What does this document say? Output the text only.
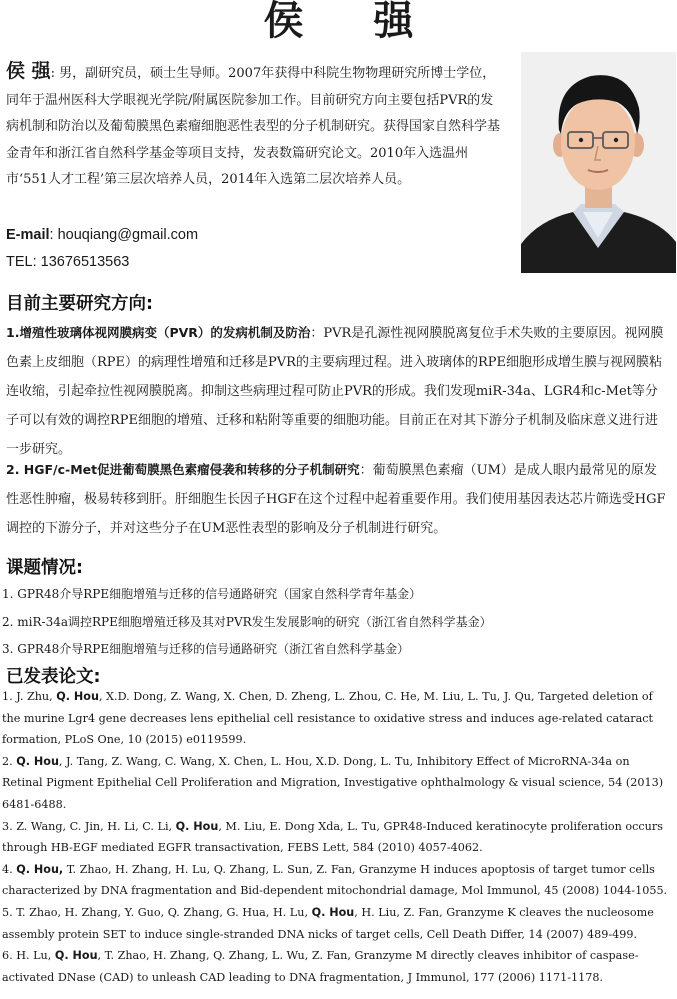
侯 强
侯 强: 男，副研究员，硕士生导师。2007年获得中科院生物物理研究所博士学位，同年于温州医科大学眼视光学院/附属医院参加工作。目前研究方向主要包括PVR的发病机制和防治以及葡萄膜黑色素瘤细胞恶性表型的分子机制研究。获得国家自然科学基金青年和浙江省自然科学基金等项目支持，发表数篇研究论文。2010年入选温州市‘551人才工程’第三层次培养人员，2014年入选第二层次培养人员。
E-mail: houqiang@gmail.com
TEL: 13676513563
目前主要研究方向:
1.增殖性玻璃体视网膜病变（PVR）的发病机制及防治：PVR是孔源性视网膜脱离复位手术失败的主要原因。视网膜色素上皮细胞（RPE）的病理性增殖和迁移是PVR的主要病理过程。进入玻璃体的RPE细胞形成增生膜与视网膜粘连收缩，引起牵拉性视网膜脱离。抑制这些病理过程可防止PVR的形成。我们发现miR-34a、LGR4和c-Met等分子可以有效的调控RPE细胞的增殖、迁移和粘附等重要的细胞功能。目前正在对其下游分子机制及临床意义进行进一步研究。
2. HGF/c-Met促进葡萄膜黑色素瘤侵袭和转移的分子机制研究：葡萄膜黑色素瘤（UM）是成人眼内最常见的原发性恶性肿瘤，极易转移到肝。肝细胞生长因子HGF在这个过程中起着重要作用。我们使用基因表达芯片筛选受HGF调控的下游分子，并对这些分子在UM恶性表型的影响及分子机制进行研究。
课题情况:
1. GPR48介导RPE细胞增殖与迁移的信号通路研究（国家自然科学青年基金）
2. miR-34a调控RPE细胞增殖迁移及其对PVR发生发展影响的研究（浙江省自然科学基金）
3. GPR48介导RPE细胞增殖与迁移的信号通路研究（浙江省自然科学基金）
已发表论文:
1. J. Zhu, Q. Hou, X.D. Dong, Z. Wang, X. Chen, D. Zheng, L. Zhou, C. He, M. Liu, L. Tu, J. Qu, Targeted deletion of the murine Lgr4 gene decreases lens epithelial cell resistance to oxidative stress and induces age-related cataract formation, PLoS One, 10 (2015) e0119599.
2. Q. Hou, J. Tang, Z. Wang, C. Wang, X. Chen, L. Hou, X.D. Dong, L. Tu, Inhibitory Effect of MicroRNA-34a on Retinal Pigment Epithelial Cell Proliferation and Migration, Investigative ophthalmology & visual science, 54 (2013) 6481-6488.
3. Z. Wang, C. Jin, H. Li, C. Li, Q. Hou, M. Liu, E. Dong Xda, L. Tu, GPR48-Induced keratinocyte proliferation occurs through HB-EGF mediated EGFR transactivation, FEBS Lett, 584 (2010) 4057-4062.
4. Q. Hou, T. Zhao, H. Zhang, H. Lu, Q. Zhang, L. Sun, Z. Fan, Granzyme H induces apoptosis of target tumor cells characterized by DNA fragmentation and Bid-dependent mitochondrial damage, Mol Immunol, 45 (2008) 1044-1055.
5. T. Zhao, H. Zhang, Y. Guo, Q. Zhang, G. Hua, H. Lu, Q. Hou, H. Liu, Z. Fan, Granzyme K cleaves the nucleosome assembly protein SET to induce single-stranded DNA nicks of target cells, Cell Death Differ, 14 (2007) 489-499.
6. H. Lu, Q. Hou, T. Zhao, H. Zhang, Q. Zhang, L. Wu, Z. Fan, Granzyme M directly cleaves inhibitor of caspase-activated DNase (CAD) to unleash CAD leading to DNA fragmentation, J Immunol, 177 (2006) 1171-1178.
